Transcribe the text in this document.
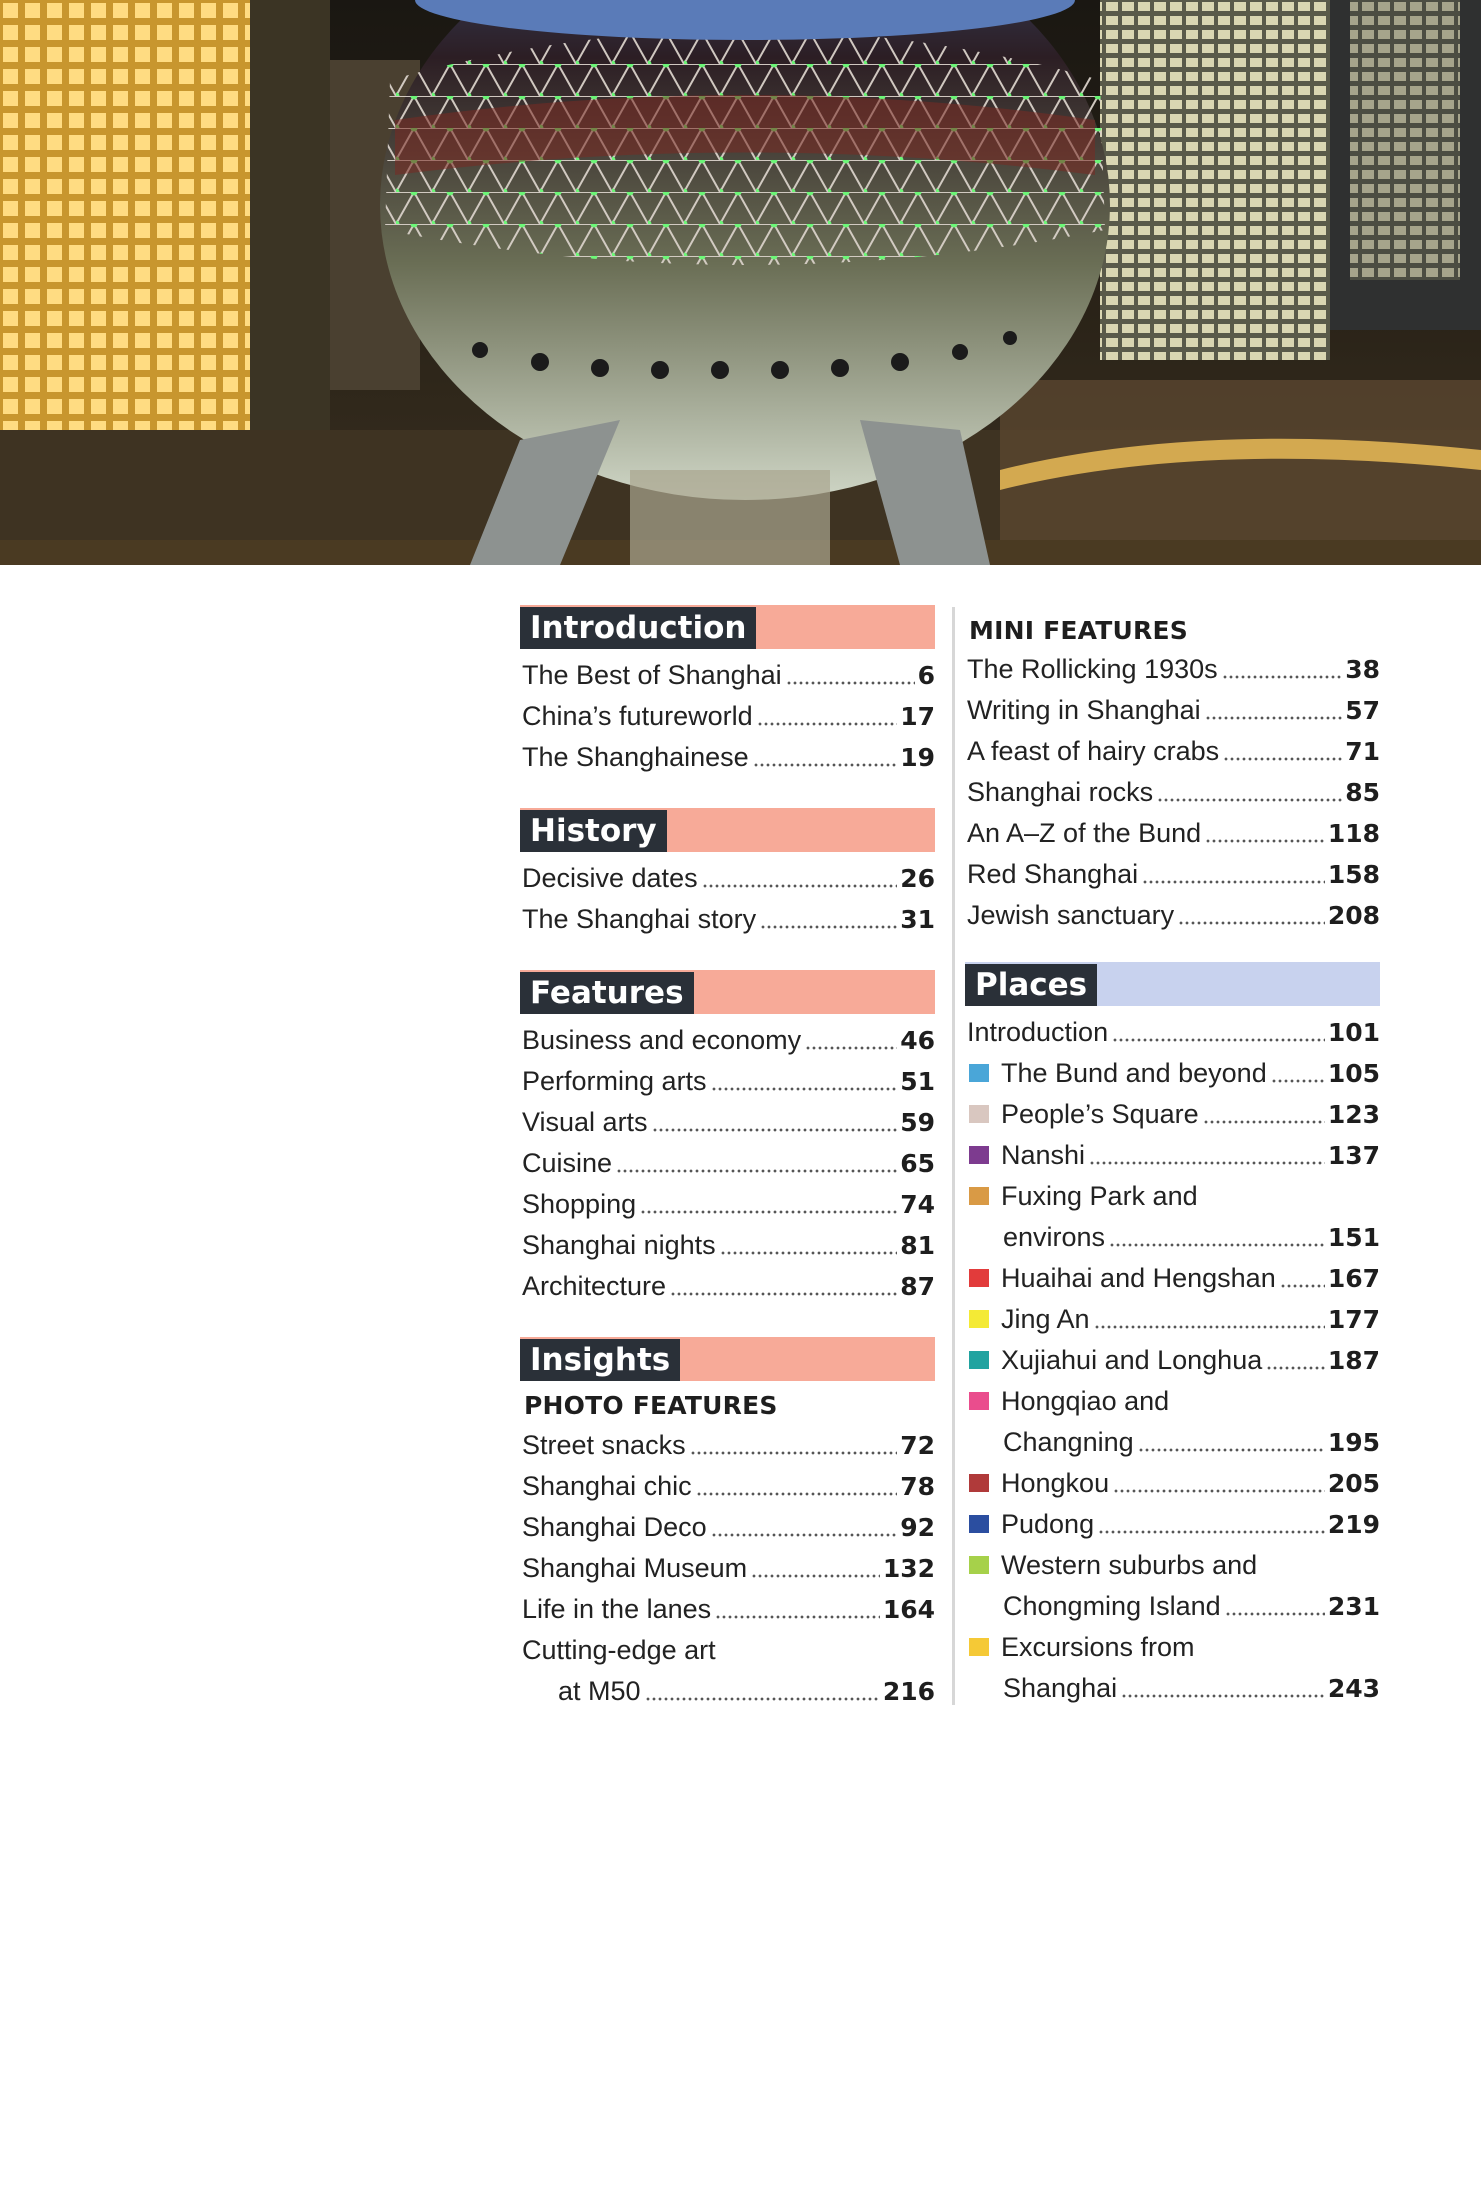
Introduction
The Best of Shanghai	6
China’s futureworld	17
The Shanghainese	19
History
Decisive dates	26
The Shanghai story	31
Features
Business and economy	46
Performing arts	51
Visual arts	59
Cuisine	65
Shopping	74
Shanghai nights	81
Architecture	87
Insights
PHOTO FEATURES
Street snacks	72
Shanghai chic	78
Shanghai Deco	92
Shanghai Museum	132
Life in the lanes	164
Cutting-edge art
at M50	216
MINI FEATURES
The Rollicking 1930s	38
Writing in Shanghai	57
A feast of hairy crabs	71
Shanghai rocks	85
An A–Z of the Bund	118
Red Shanghai	158
Jewish sanctuary	208
Places
Introduction	101
The Bund and beyond 105
People’s Square	123
Nanshi	137
Fuxing Park and
environs	151
Huaihai and Hengshan 167
Jing An	177
Xujiahui and Longhua	187
Hongqiao and
Changning	195
Hongkou	205
Pudong	219
Western suburbs and
Chongming Island	231
Excursions from
Shanghai	243
